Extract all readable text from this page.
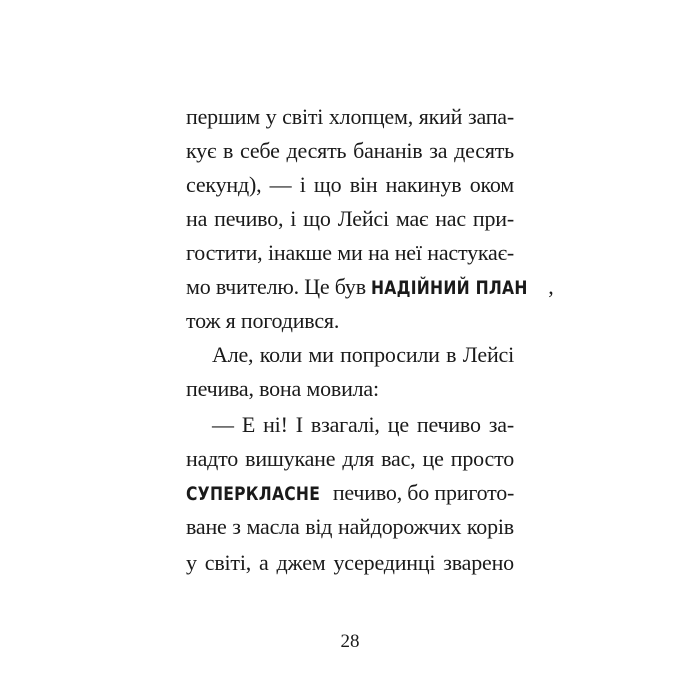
першим у світі хлопцем, який запа-
кує в себе десять бананів за десять
секунд), — і що він накинув оком
на печиво, і що Лейсі має нас при-
гостити, інакше ми на неї настукає-
мо вчителю. Це був НАДІЙНИЙ ПЛАН ,
тож я погодився.
Але, коли ми попросили в Лейсі
печива, вона мовила:
— Е ні! І взагалі, це печиво за-
надто вишукане для вас, це просто
СУПЕРКЛАСНЕ печиво, бо пригото-
ване з масла від найдорожчих корів
у світі, а джем усерединці зварено
28
